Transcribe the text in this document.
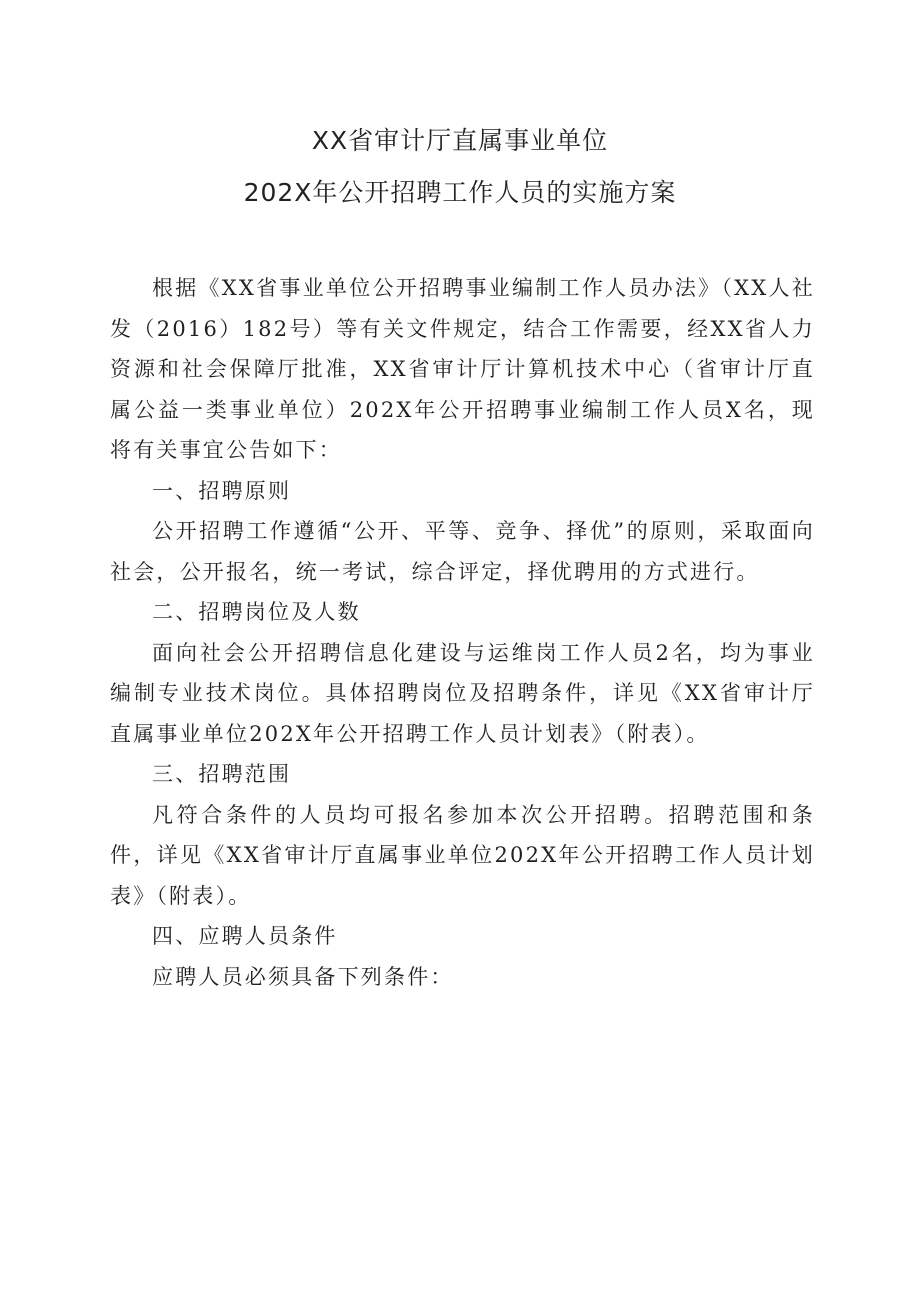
XX省审计厅直属事业单位
202X年公开招聘工作人员的实施方案

根据《XX省事业单位公开招聘事业编制工作人员办法》（XX人社发（2016）182号）等有关文件规定，结合工作需要，经XX省人力资源和社会保障厅批准，XX省审计厅计算机技术中心（省审计厅直属公益一类事业单位）202X年公开招聘事业编制工作人员X名，现将有关事宜公告如下：

一、招聘原则

公开招聘工作遵循“公开、平等、竞争、择优”的原则，采取面向社会，公开报名，统一考试，综合评定，择优聘用的方式进行。

二、招聘岗位及人数

面向社会公开招聘信息化建设与运维岗工作人员2名，均为事业编制专业技术岗位。具体招聘岗位及招聘条件，详见《XX省审计厅直属事业单位202X年公开招聘工作人员计划表》（附表）。

三、招聘范围

凡符合条件的人员均可报名参加本次公开招聘。招聘范围和条件，详见《XX省审计厅直属事业单位202X年公开招聘工作人员计划表》（附表）。

四、应聘人员条件

应聘人员必须具备下列条件：
